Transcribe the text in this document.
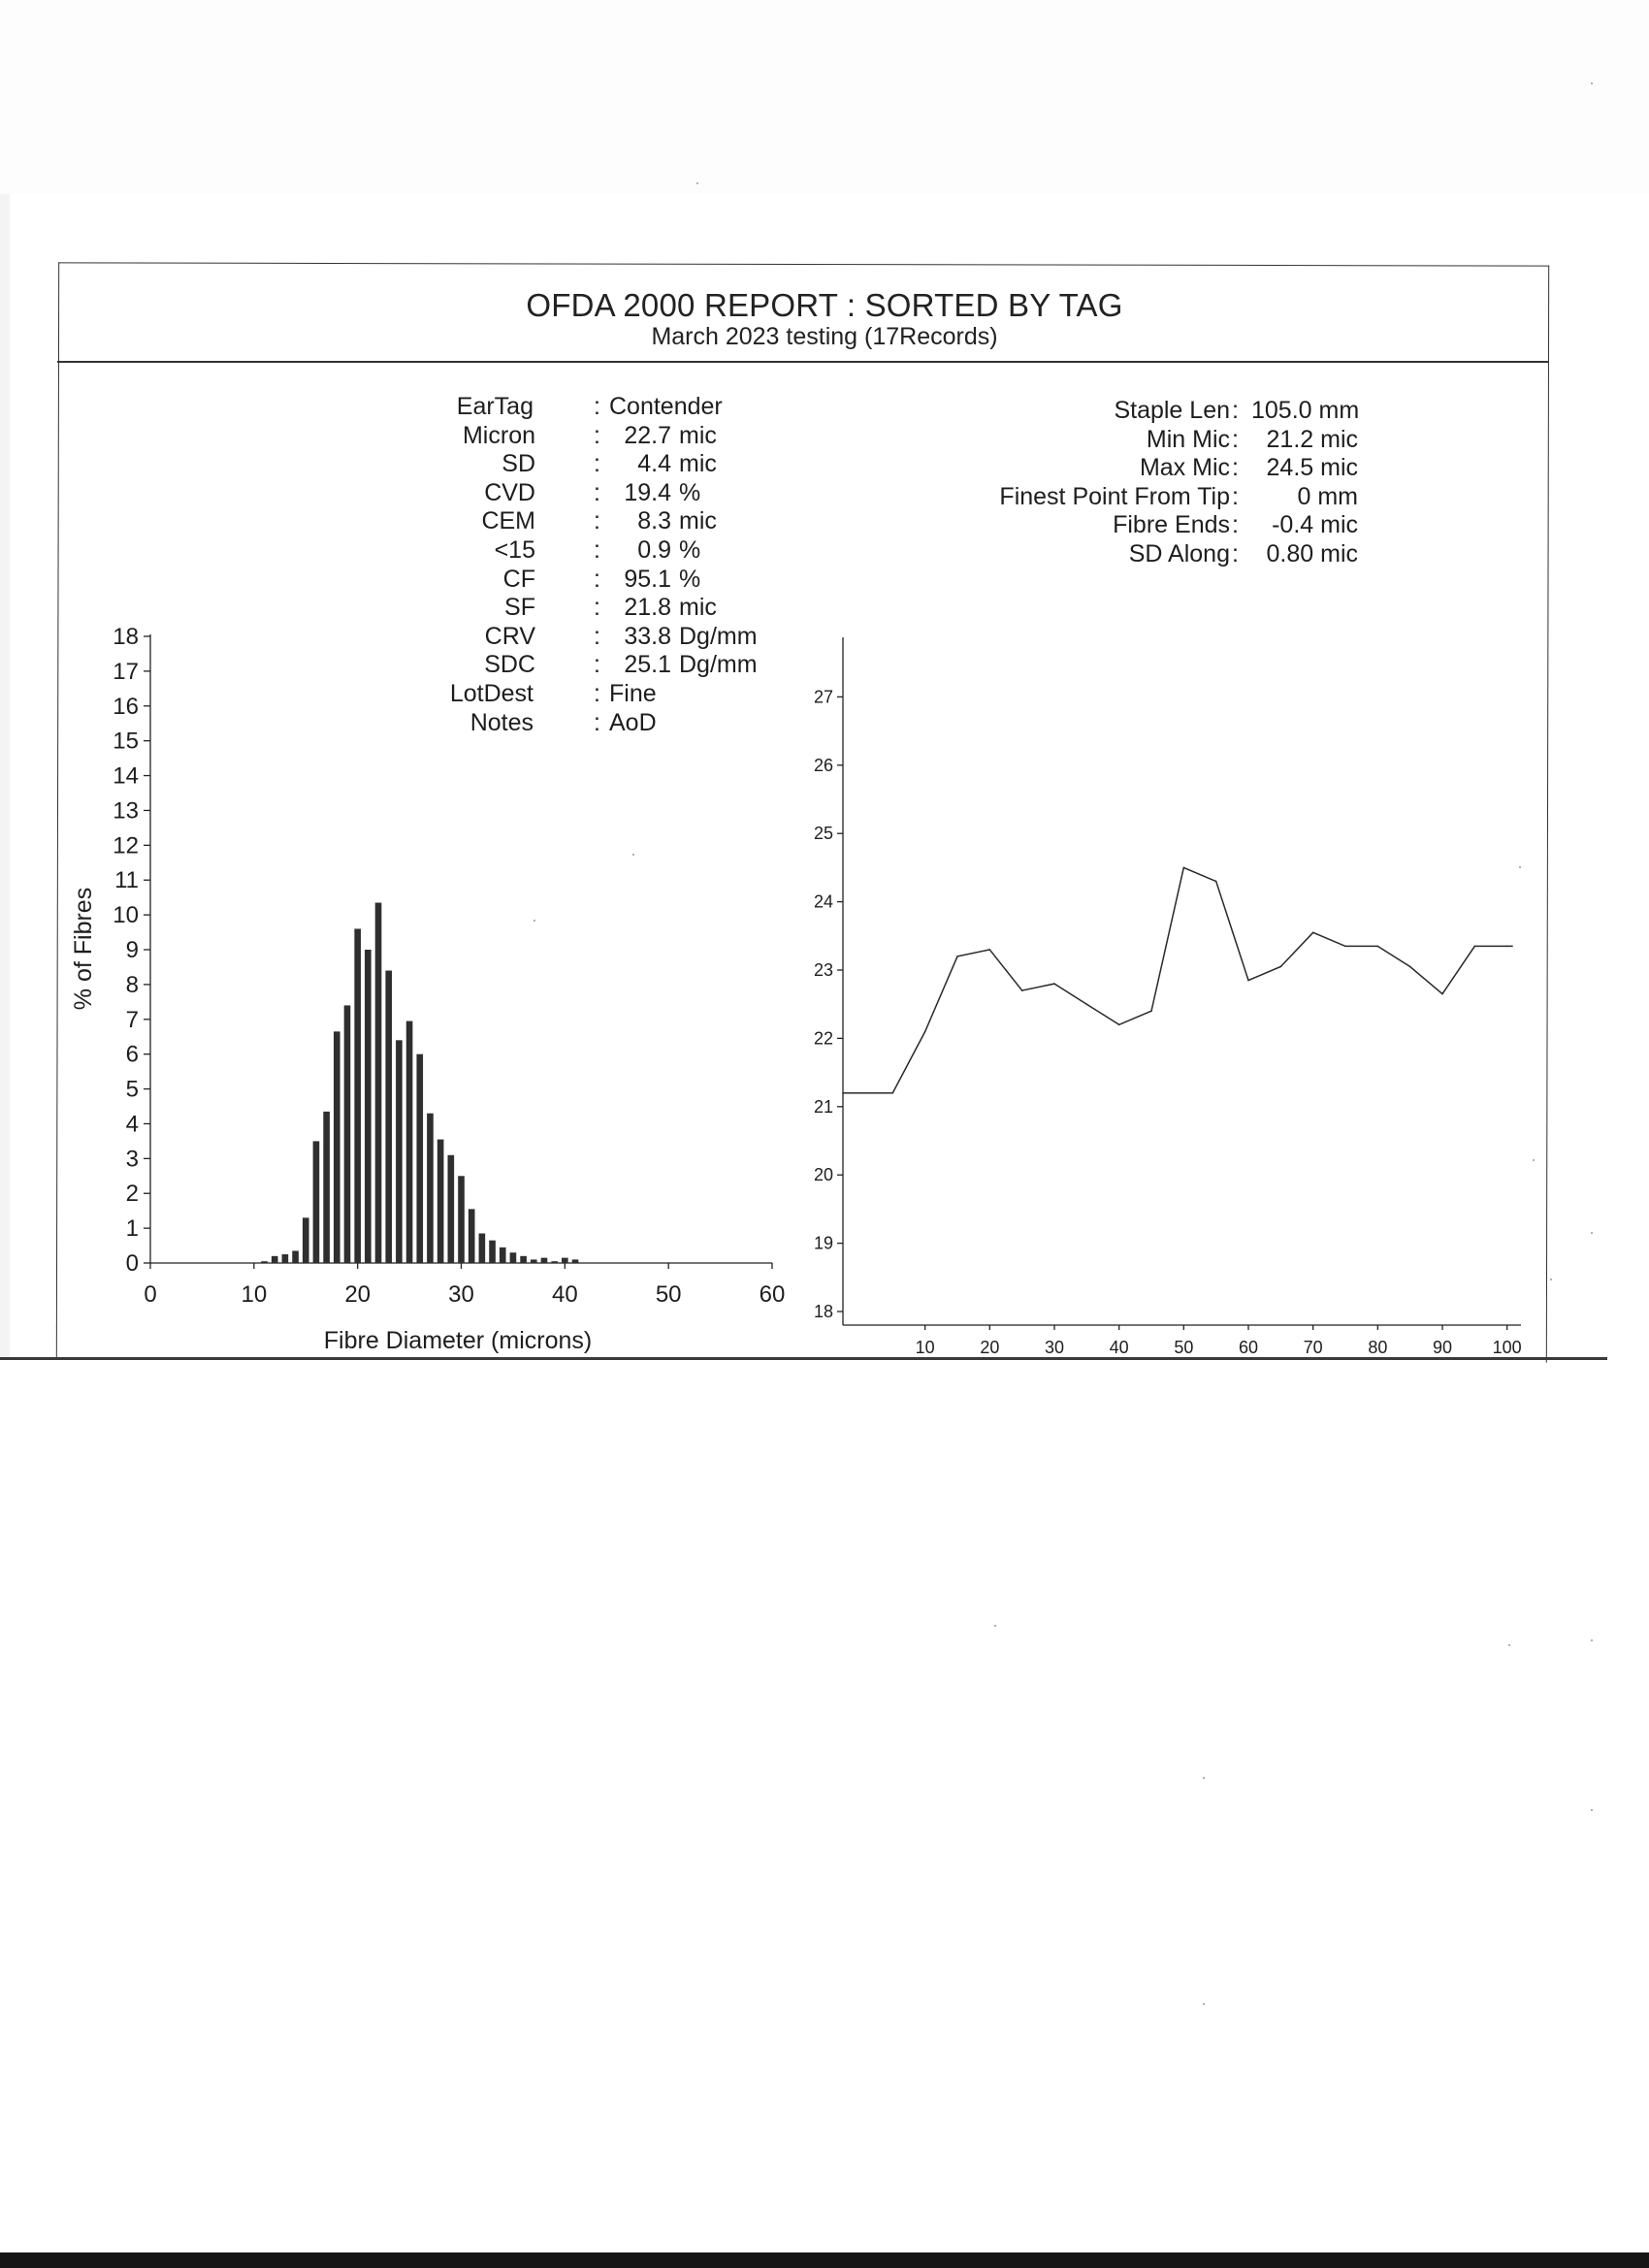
OFDA 2000 REPORT : SORTED BY TAG
March 2023 testing (17Records)
EarTag : Contender
Micron : 22.7 mic
SD :	4.4 mic
CVD : 19.4 %
CEM :	8.3 mic
<15 :	0.9 %
CF : 95.1 %
SF : 21.8 mic
CRV : 33.8 Dg/mm
SDC : 25.1 Dg/mm
LotDest : Fine
Notes : AoD
Staple Len : 105.0 mm
Min Mic :	21.2 mic
Max Mic :	24.5 mic
Finest Point From Tip :	0 mm
Fibre Ends :	-0.4 mic
SD Along :	0.80 mic
0
1
2
3
4
5
6
7
8
9
10
11
12
13
14
15
16
17
18
0	10	20	30	40	50	60
Fibre Diameter (microns)
% of Fibres
18
19
20
21
22
23
24
25
26
27
10	20	30	40	50	60	70	80	90 100
